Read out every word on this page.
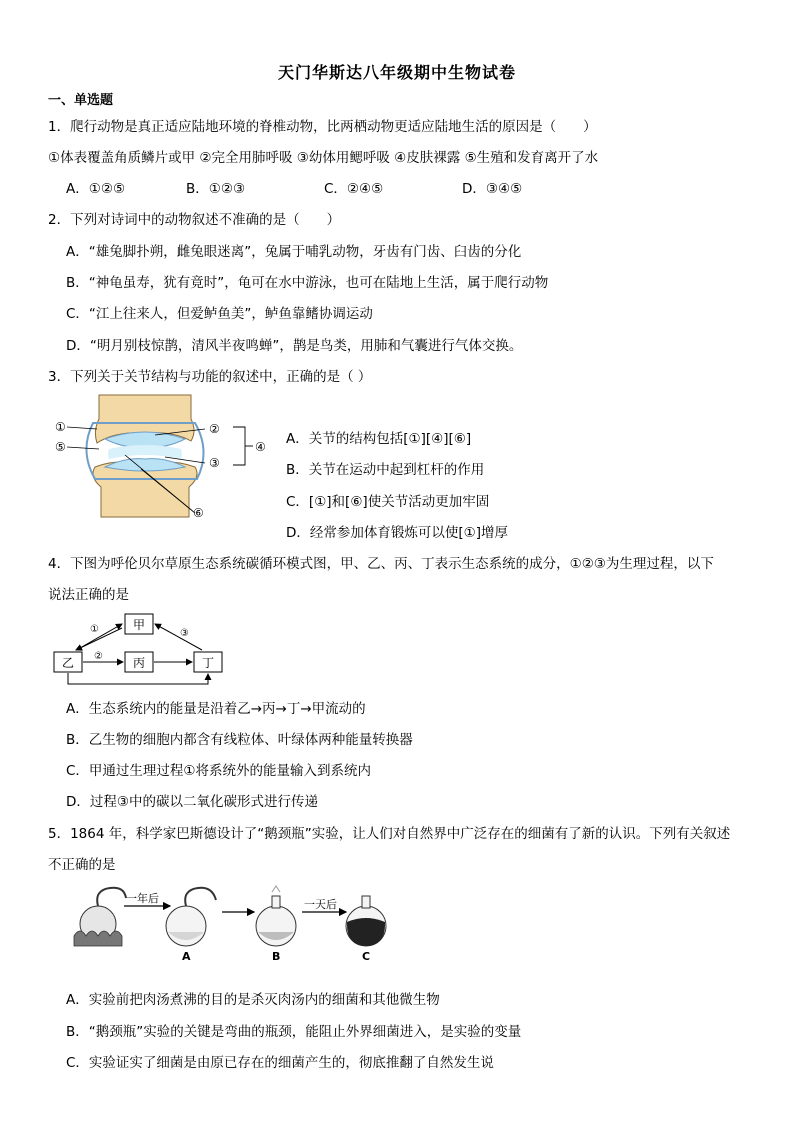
天门华斯达八年级期中生物试卷
一、单选题
1．爬行动物是真正适应陆地环境的脊椎动物，比两栖动物更适应陆地生活的原因是（　　）
①体表覆盖角质鳞片或甲 ②完全用肺呼吸 ③幼体用鳃呼吸 ④皮肤裸露 ⑤生殖和发育离开了水
A．①②⑤	B．①②③	C．②④⑤	D．③④⑤
2．下列对诗词中的动物叙述不准确的是（　　）
A．“雄兔脚扑朔，雌兔眼迷离”，兔属于哺乳动物，牙齿有门齿、臼齿的分化
B．“神龟虽寿，犹有竟时”，龟可在水中游泳，也可在陆地上生活，属于爬行动物
C．“江上往来人，但爱鲈鱼美”，鲈鱼靠鳍协调运动
D．“明月别枝惊鹊，清风半夜鸣蝉”，鹊是鸟类，用肺和气囊进行气体交换。
3．下列关于关节结构与功能的叙述中，正确的是（ ）
①
⑤
②
③
④
⑥
A．关节的结构包括[①][④][⑥]
B．关节在运动中起到杠杆的作用
C．[①]和[⑥]使关节活动更加牢固
D．经常参加体育锻炼可以使[①]增厚
4．下图为呼伦贝尔草原生态系统碳循环模式图，甲、乙、丙、丁表示生态系统的成分，①②③为生理过程，以下
说法正确的是
甲
乙	丙	丁
①
②
③
A．生态系统内的能量是沿着乙→丙→丁→甲流动的
B．乙生物的细胞内都含有线粒体、叶绿体两种能量转换器
C．甲通过生理过程①将系统外的能量输入到系统内
D．过程③中的碳以二氧化碳形式进行传递
5．1864 年，科学家巴斯德设计了“鹅颈瓶”实验，让人们对自然界中广泛存在的细菌有了新的认识。下列有关叙述
不正确的是
一年后
A	B
一天后
C
A．实验前把肉汤煮沸的目的是杀灭肉汤内的细菌和其他微生物
B．“鹅颈瓶”实验的关键是弯曲的瓶颈，能阻止外界细菌进入，是实验的变量
C．实验证实了细菌是由原已存在的细菌产生的，彻底推翻了自然发生说
